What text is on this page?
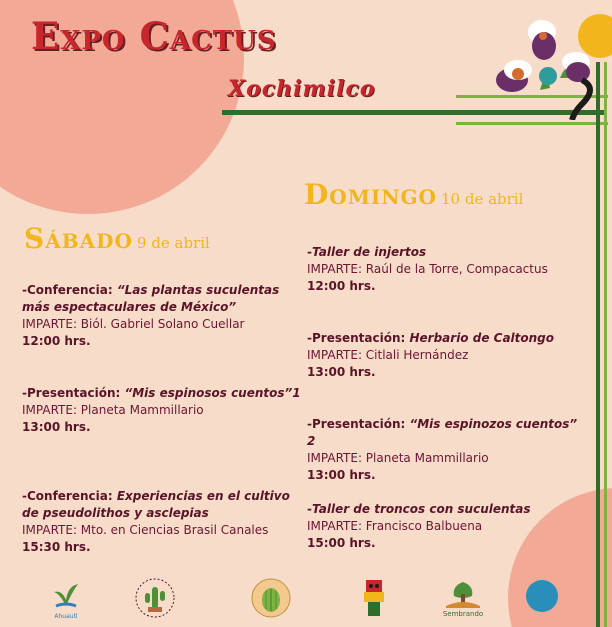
Expo Cactus
Xochimilco
Sábado 9 de abril
-Conferencia: “Las plantas suculentas más espectaculares de México”
IMPARTE: Biól. Gabriel Solano Cuellar
12:00 hrs.
-Presentación: “Mis espinosos cuentos”1
IMPARTE: Planeta Mammillario
13:00 hrs.
-Conferencia: Experiencias en el cultivo de pseudolithos y asclepias
IMPARTE: Mto. en Ciencias Brasil Canales
15:30 hrs.
Domingo 10 de abril
-Taller de injertos
IMPARTE: Raúl de la Torre, Compacactus
12:00 hrs.
-Presentación: Herbario de Caltongo
IMPARTE: Citlali Hernández
13:00 hrs.
-Presentación: “Mis espinozos cuentos” 2
IMPARTE: Planeta Mammillario
13:00 hrs.
-Taller de troncos con suculentas
IMPARTE: Francisco Balbuena
15:00 hrs.
Ahuautl	Sembrando
